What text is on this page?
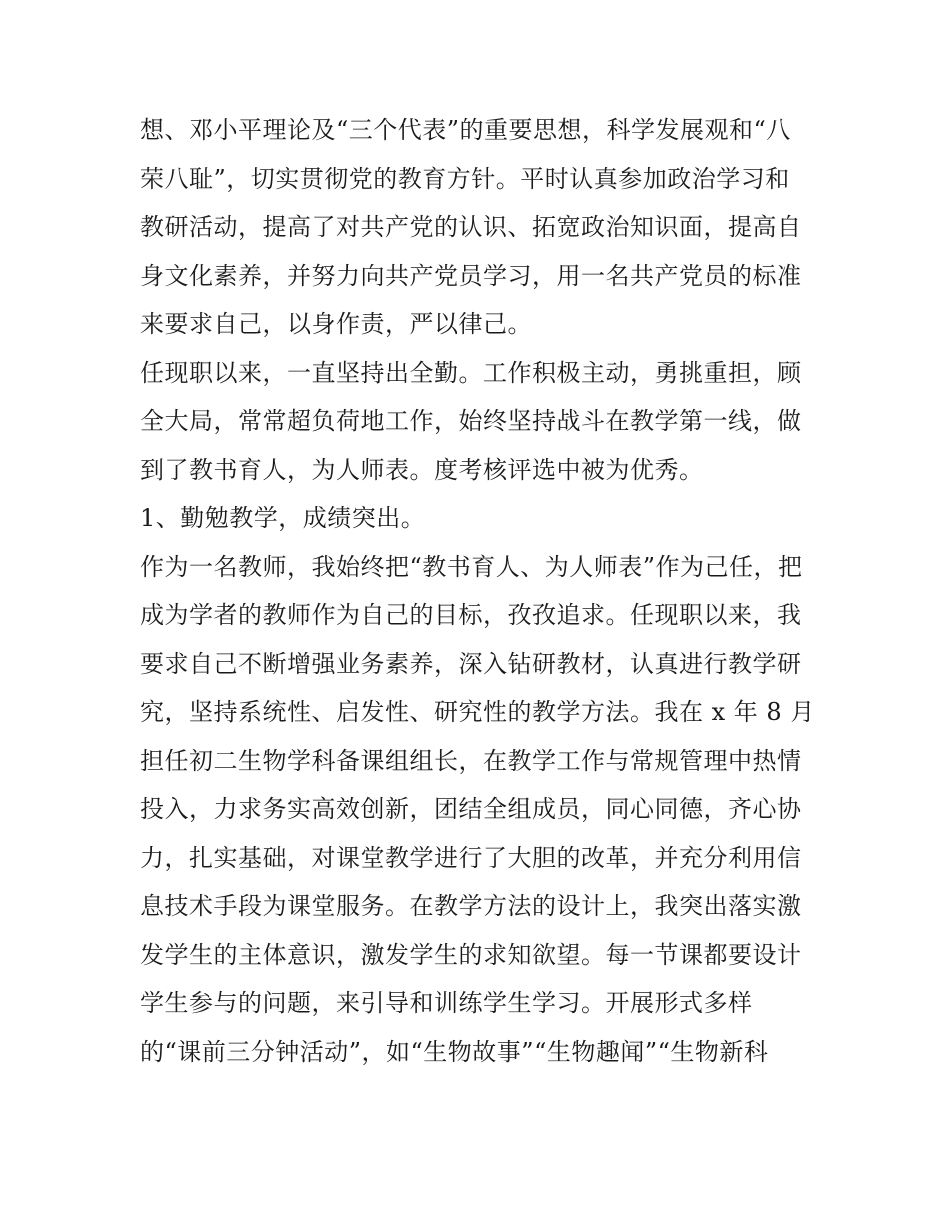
想、邓小平理论及“三个代表”的重要思想，科学发展观和“八
荣八耻”，切实贯彻党的教育方针。平时认真参加政治学习和
教研活动，提高了对共产党的认识、拓宽政治知识面，提高自
身文化素养，并努力向共产党员学习，用一名共产党员的标准
来要求自己，以身作责，严以律己。
任现职以来，一直坚持出全勤。工作积极主动，勇挑重担，顾
全大局，常常超负荷地工作，始终坚持战斗在教学第一线，做
到了教书育人，为人师表。度考核评选中被为优秀。
1、勤勉教学，成绩突出。
作为一名教师，我始终把“教书育人、为人师表”作为己任，把
成为学者的教师作为自己的目标，孜孜追求。任现职以来，我
要求自己不断增强业务素养，深入钻研教材，认真进行教学研
究，坚持系统性、启发性、研究性的教学方法。我在 x 年 8 月
担任初二生物学科备课组组长，在教学工作与常规管理中热情
投入，力求务实高效创新，团结全组成员，同心同德，齐心协
力，扎实基础，对课堂教学进行了大胆的改革，并充分利用信
息技术手段为课堂服务。在教学方法的设计上，我突出落实激
发学生的主体意识，激发学生的求知欲望。每一节课都要设计
学生参与的问题，来引导和训练学生学习。开展形式多样
的“课前三分钟活动”，如“生物故事”“生物趣闻”“生物新科
